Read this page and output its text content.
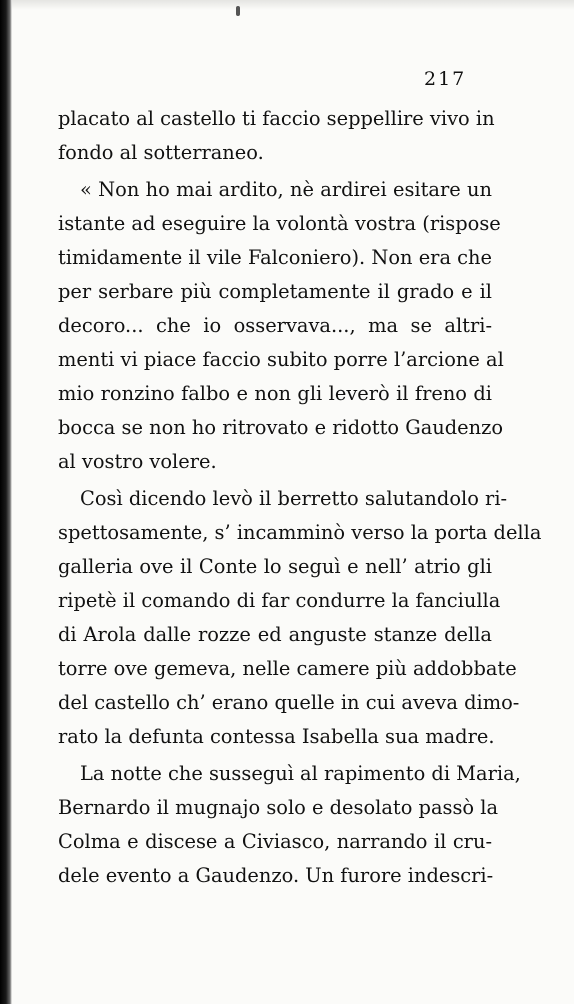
217
placato al castello ti faccio seppellire vivo in
fondo al sotterraneo.
« Non ho mai ardito, nè ardirei esitare un
istante ad eseguire la volontà vostra (rispose
timidamente il vile Falconiero). Non era che
per serbare più completamente il grado e il
decoro... che io osservava..., ma se altri-
menti vi piace faccio subito porre l’arcione al
mio ronzino falbo e non gli leverò il freno di
bocca se non ho ritrovato e ridotto Gaudenzo
al vostro volere.
Così dicendo levò il berretto salutandolo ri-
spettosamente, s’ incamminò verso la porta della
galleria ove il Conte lo seguì e nell’ atrio gli
ripetè il comando di far condurre la fanciulla
di Arola dalle rozze ed anguste stanze della
torre ove gemeva, nelle camere più addobbate
del castello ch’ erano quelle in cui aveva dimo-
rato la defunta contessa Isabella sua madre.
La notte che susseguì al rapimento di Maria,
Bernardo il mugnajo solo e desolato passò la
Colma e discese a Civiasco, narrando il cru-
dele evento a Gaudenzo. Un furore indescri-
